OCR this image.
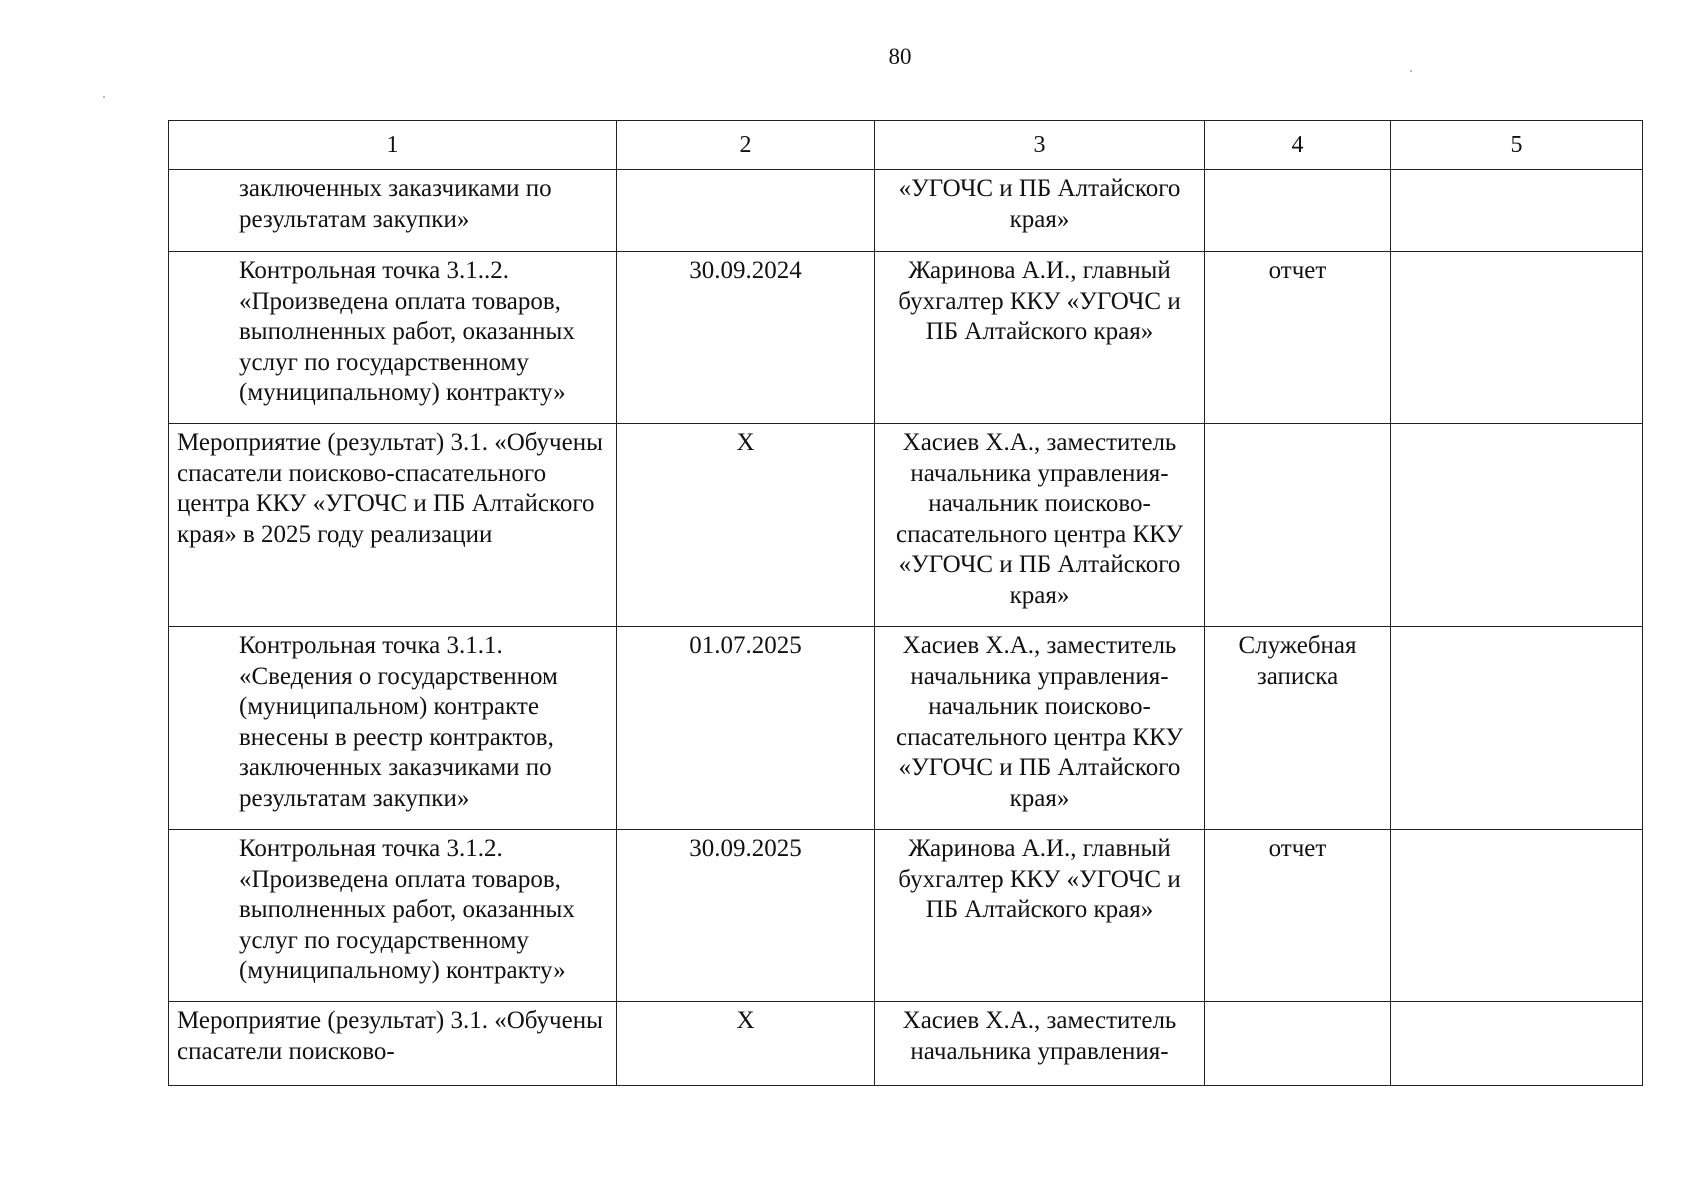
80
1	2	3	4	5
заключенных заказчиками по результатам закупки»		«УГОЧС и ПБ Алтайского края»		
Контрольная точка 3.1..2. «Произведена оплата товаров, выполненных работ, оказанных услуг по государственному (муниципальному) контракту»	30.09.2024	Жаринова А.И., главный бухгалтер ККУ «УГОЧС и ПБ Алтайского края»	отчет	
Мероприятие (результат) 3.1. «Обучены спасатели поисково-спасательного центра ККУ «УГОЧС и ПБ Алтайского края» в 2025 году реализации	X	Хасиев Х.А., заместитель начальника управления-начальник поисково-спасательного центра ККУ «УГОЧС и ПБ Алтайского края»		
Контрольная точка 3.1.1. «Сведения о государственном (муниципальном) контракте внесены в реестр контрактов, заключенных заказчиками по результатам закупки»	01.07.2025	Хасиев Х.А., заместитель начальника управления-начальник поисково-спасательного центра ККУ «УГОЧС и ПБ Алтайского края»	Служебная записка	
Контрольная точка 3.1.2. «Произведена оплата товаров, выполненных работ, оказанных услуг по государственному (муниципальному) контракту»	30.09.2025	Жаринова А.И., главный бухгалтер ККУ «УГОЧС и ПБ Алтайского края»	отчет	
Мероприятие (результат) 3.1. «Обучены спасатели поисково-	X	Хасиев Х.А., заместитель начальника управления-		
